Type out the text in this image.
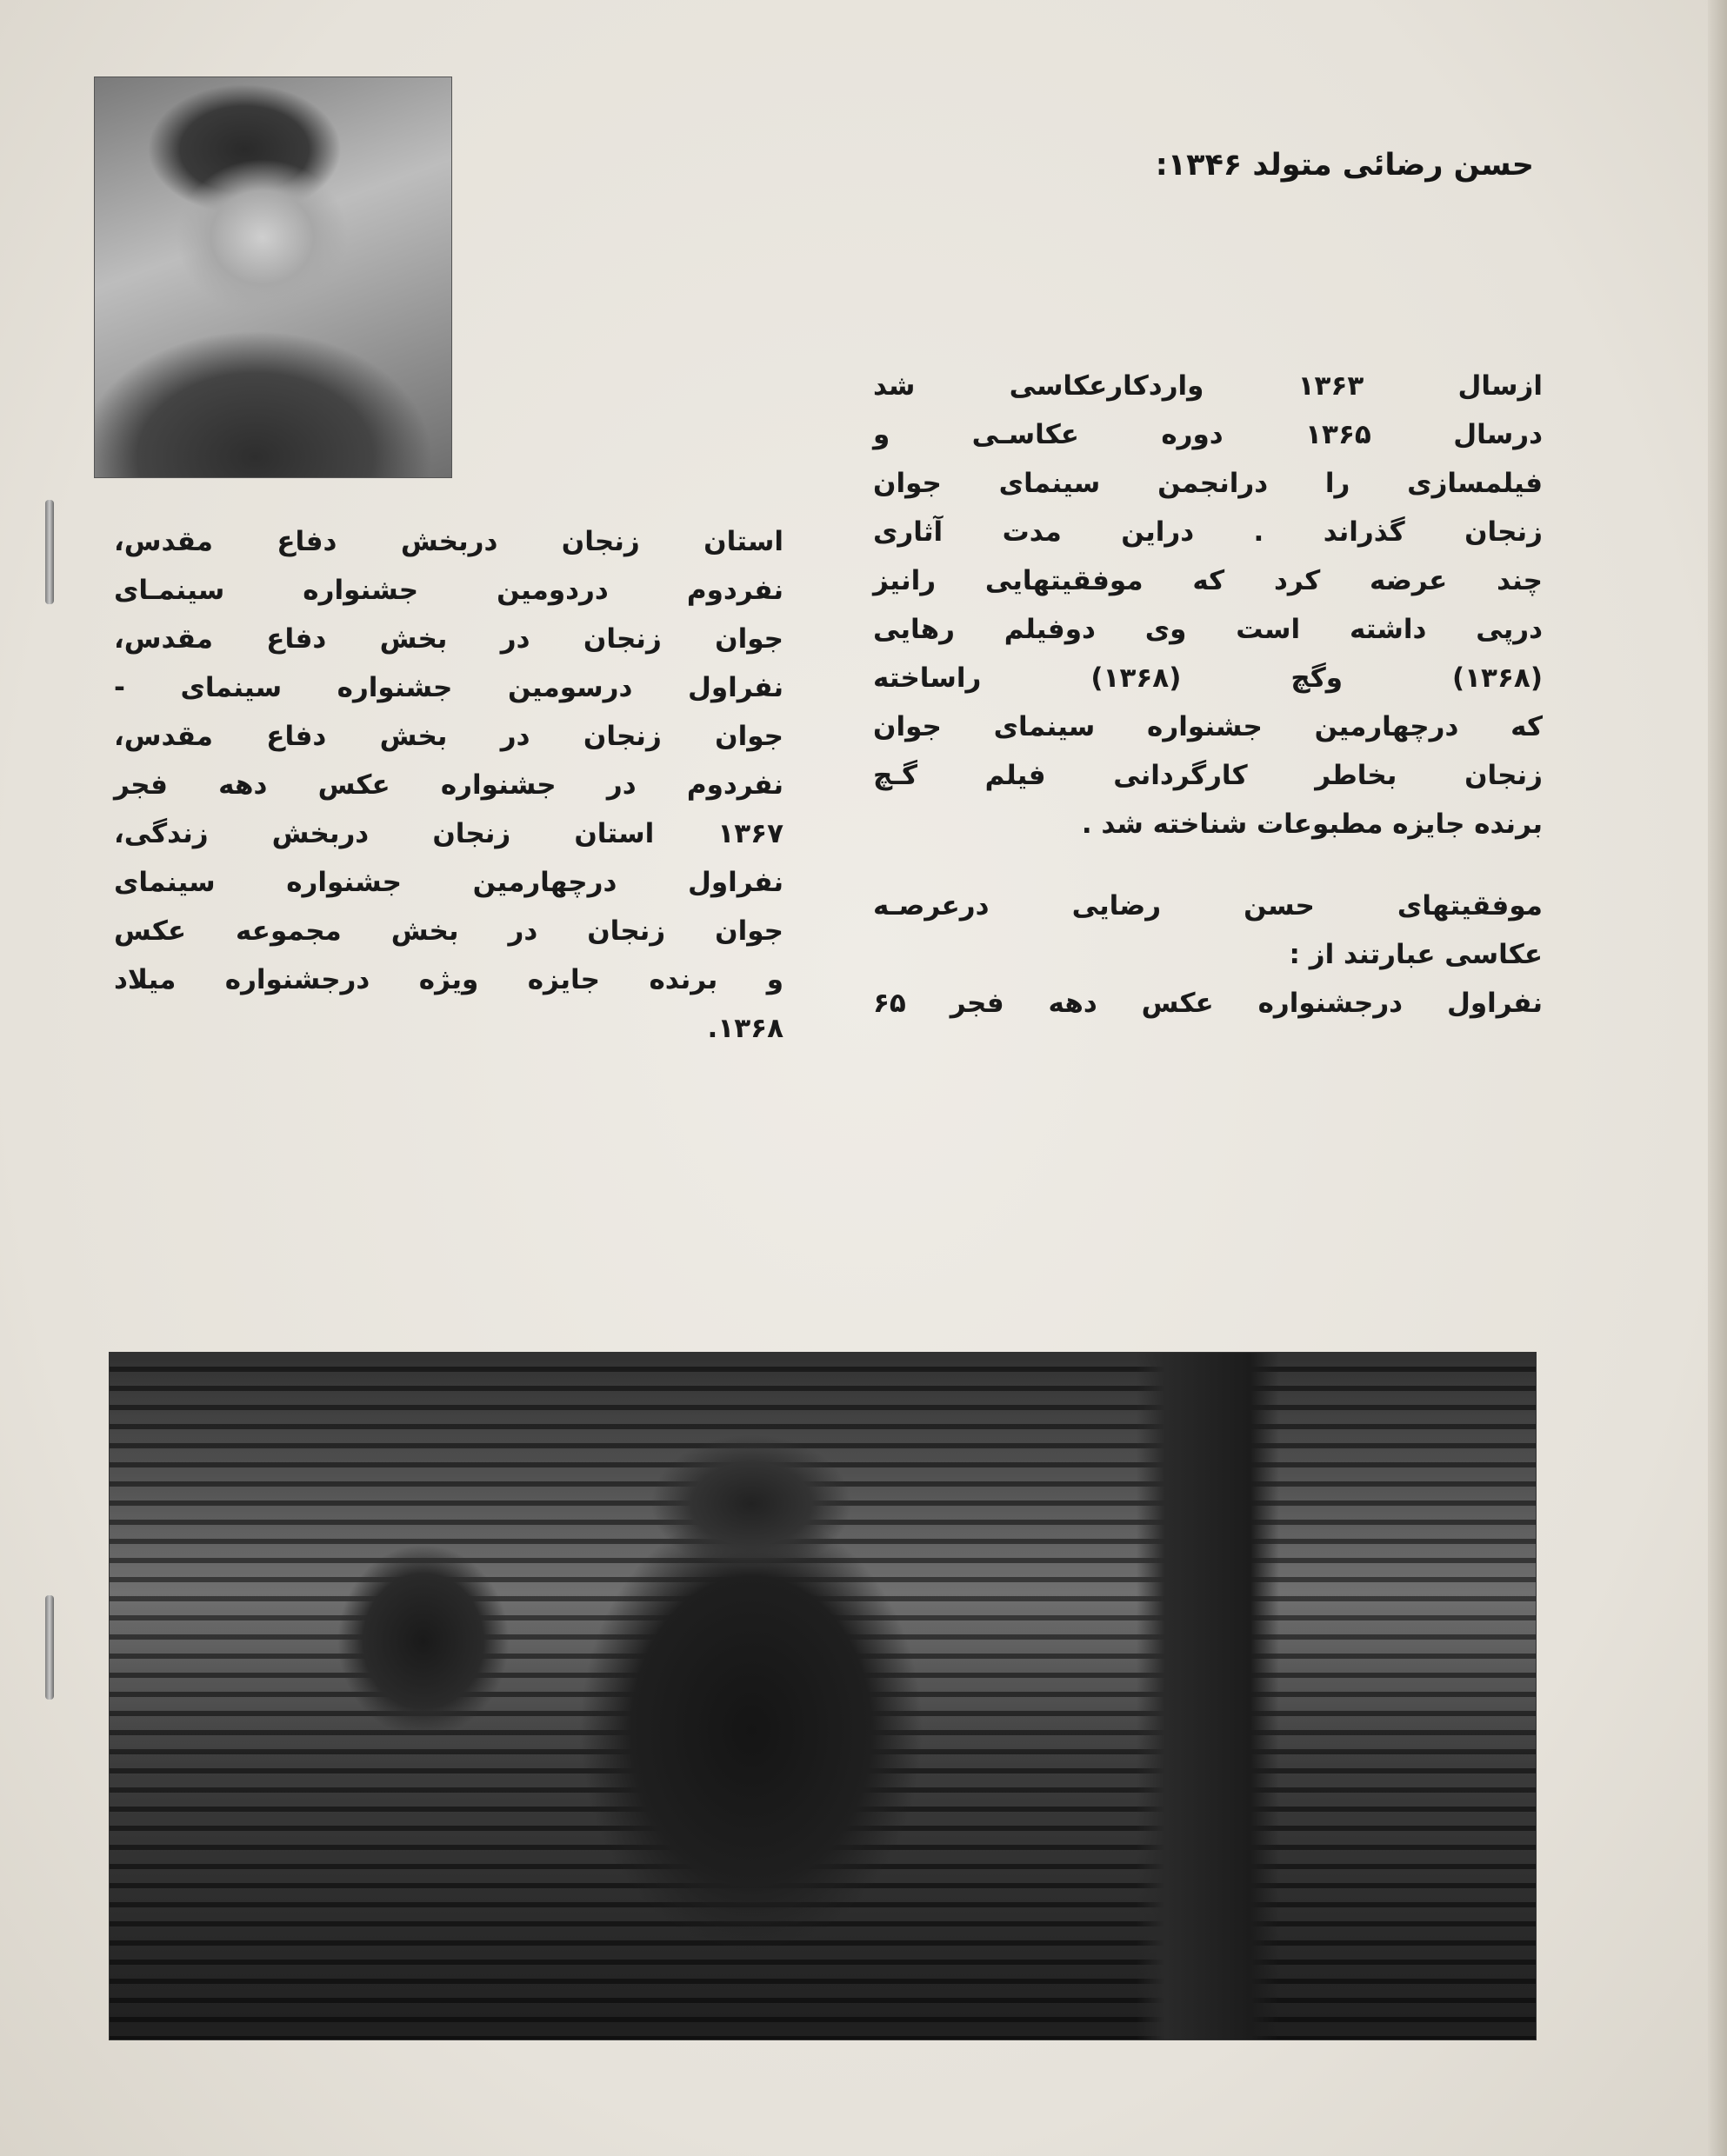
حسن رضائی متولد ۱۳۴۶:
ازسال ۱۳۶۳ واردکارعکاسی شد
درسال ۱۳۶۵ دوره عکاسـی و
فیلمسازی را درانجمن سینمای جوان
زنجان گذراند . دراین مدت آثاری
چند عرضه کرد که موفقیتهایی رانیز
درپی داشته است وی دوفیلم رهایی
(۱۳۶۸) وگچ (۱۳۶۸) راساخته
که درچهارمین جشنواره سینمای جوان
زنجان بخاطر کارگردانی فیلم گـچ
برنده جایزه مطبوعات شناخته شد .
موفقیتهای حسن رضایی درعرصـه
عکاسی عبارتند از :
نفراول درجشنواره عکس دهه فجر ۶۵
استان زنجان دربخش دفاع مقدس،
نفردوم دردومین جشنواره سینمـای
جوان زنجان در بخش دفاع مقدس،
نفراول درسومین جشنواره سینمای -
جوان زنجان در بخش دفاع مقدس،
نفردوم در جشنواره عکس دهه فجر
۱۳۶۷ استان زنجان دربخش زندگی،
نفراول درچهارمین جشنواره سینمای
جوان زنجان در بخش مجموعه عکس
و برنده جایزه ویژه درجشنواره میلاد
۱۳۶۸.
